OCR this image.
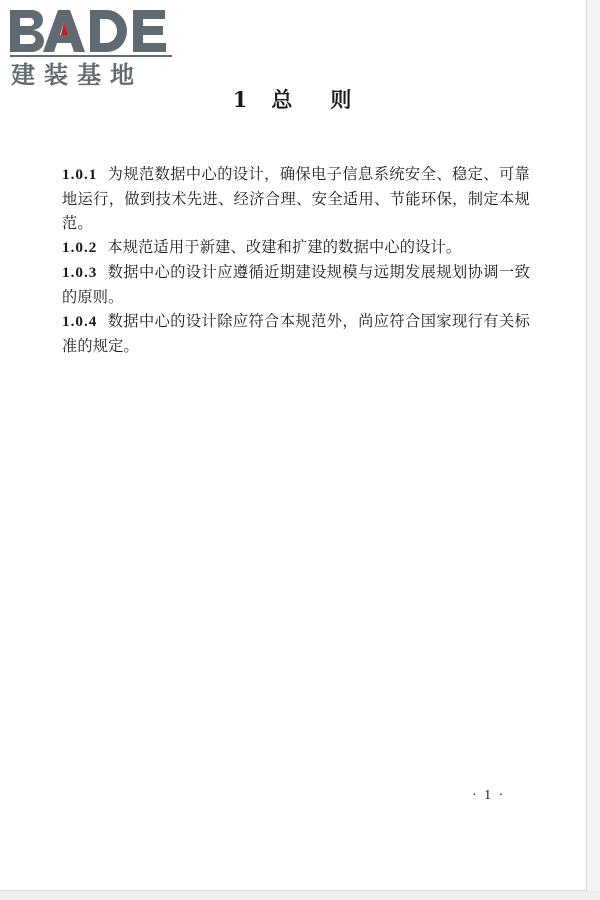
建装基地
1 总 则

1.0.1 为规范数据中心的设计，确保电子信息系统安全、稳定、可靠地运行，做到技术先进、经济合理、安全适用、节能环保，制定本规范。

1.0.2 本规范适用于新建、改建和扩建的数据中心的设计。

1.0.3 数据中心的设计应遵循近期建设规模与远期发展规划协调一致的原则。

1.0.4 数据中心的设计除应符合本规范外，尚应符合国家现行有关标准的规定。

· 1 ·
